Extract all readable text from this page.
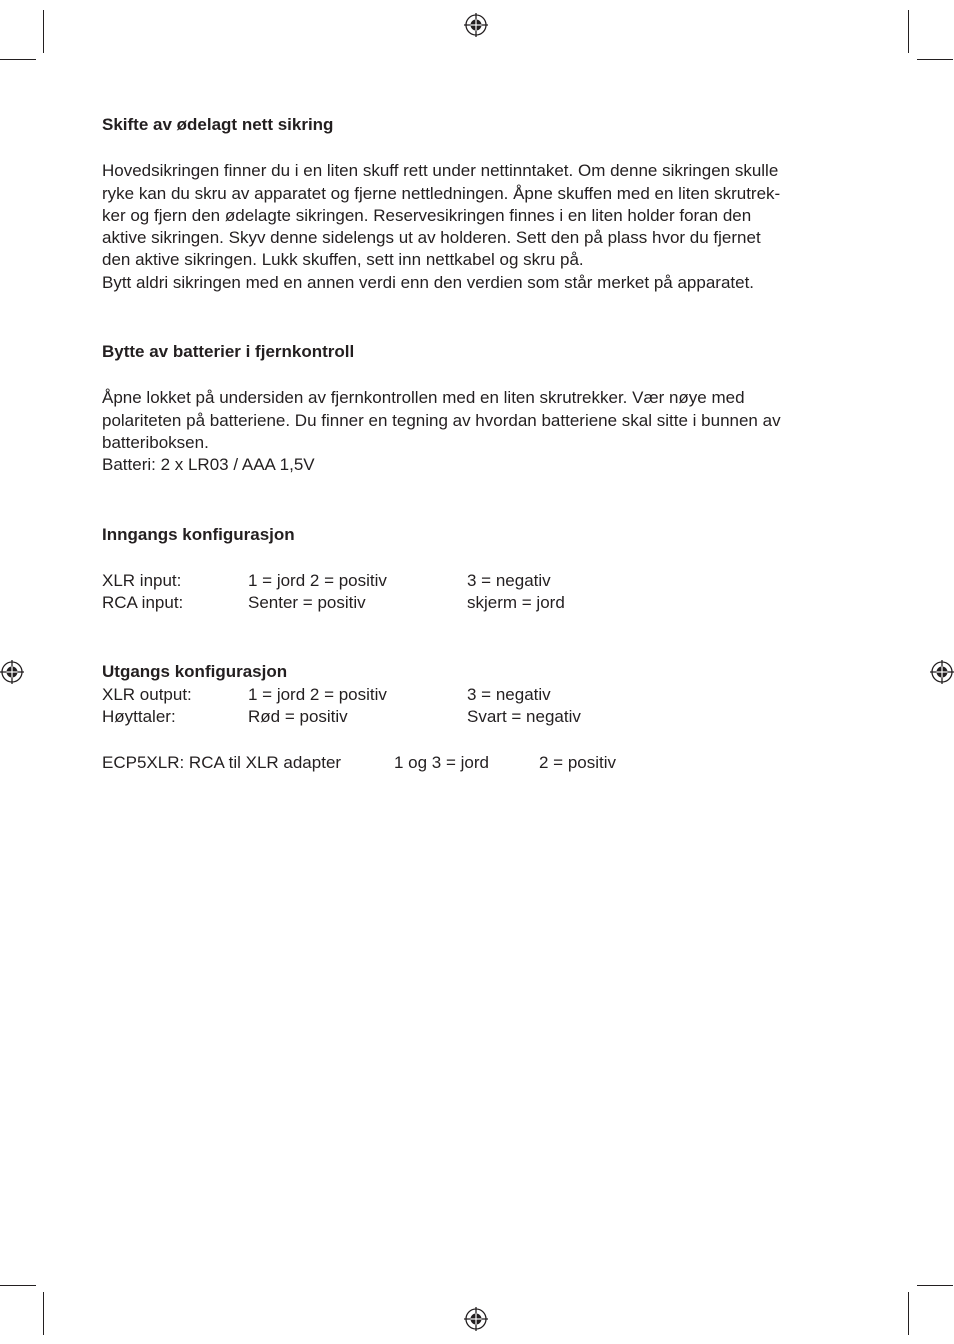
Skifte av ødelagt nett sikring

Hovedsikringen finner du i en liten skuff rett under nettinntaket. Om denne sikringen skulle

ryke kan du skru av apparatet og fjerne nettledningen. Åpne skuffen med en liten skrutrek-

ker og fjern den ødelagte sikringen. Reservesikringen finnes i en liten holder foran den

aktive sikringen. Skyv denne sidelengs ut av holderen. Sett den på plass hvor du fjernet

den aktive sikringen. Lukk skuffen, sett inn nettkabel og skru på.

Bytt aldri sikringen med en annen verdi enn den verdien som står merket på apparatet.

Bytte av batterier i fjernkontroll

Åpne lokket på undersiden av fjernkontrollen med en liten skrutrekker. Vær nøye med

polariteten på batteriene. Du finner en tegning av hvordan batteriene skal sitte i bunnen av

batteriboksen.

Batteri: 2 x LR03 / AAA 1,5V

Inngangs konfigurasjon

XLR input:	1 = jord 2 = positiv	3 = negativ
RCA input:	Senter = positiv	skjerm = jord

Utgangs konfigurasjon

XLR output:	1 = jord 2 = positiv	3 = negativ
Høyttaler:	Rød = positiv	Svart = negativ
ECP5XLR: RCA til XLR adapter	1 og 3 = jord	2 = positiv
